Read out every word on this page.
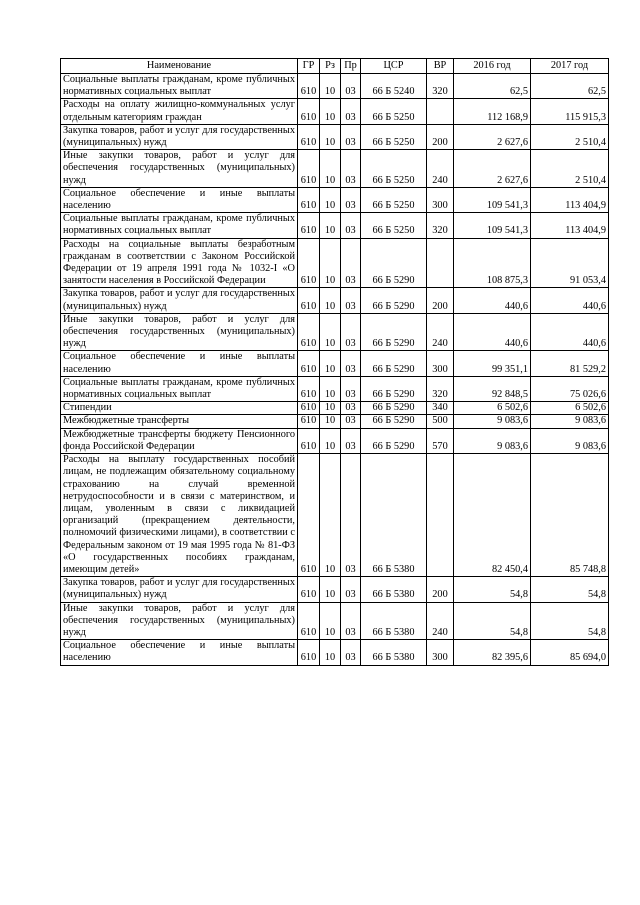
Наименование	ГР	Рз	Пр	ЦСР	ВР	2016 год	2017 год
Социальные выплаты гражданам, кроме публичных нормативных социальных выплат	610	10	03	66 Б 5240	320	62,5	62,5
Расходы на оплату жилищно-коммунальных услуг отдельным категориям граждан	610	10	03	66 Б 5250		112 168,9	115 915,3
Закупка товаров, работ и услуг для государственных (муниципальных) нужд	610	10	03	66 Б 5250	200	2 627,6	2 510,4
Иные закупки товаров, работ и услуг для обеспечения государственных (муниципальных) нужд	610	10	03	66 Б 5250	240	2 627,6	2 510,4
Социальное обеспечение и иные выплаты населению	610	10	03	66 Б 5250	300	109 541,3	113 404,9
Социальные выплаты гражданам, кроме публичных нормативных социальных выплат	610	10	03	66 Б 5250	320	109 541,3	113 404,9
Расходы на социальные выплаты безработным гражданам в соответствии с Законом Российской Федерации от 19 апреля 1991 года № 1032-I «О занятости населения в Российской Федерации	610	10	03	66 Б 5290		108 875,3	91 053,4
Закупка товаров, работ и услуг для государственных (муниципальных) нужд	610	10	03	66 Б 5290	200	440,6	440,6
Иные закупки товаров, работ и услуг для обеспечения государственных (муниципальных) нужд	610	10	03	66 Б 5290	240	440,6	440,6
Социальное обеспечение и иные выплаты населению	610	10	03	66 Б 5290	300	99 351,1	81 529,2
Социальные выплаты гражданам, кроме публичных нормативных социальных выплат	610	10	03	66 Б 5290	320	92 848,5	75 026,6
Стипендии	610	10	03	66 Б 5290	340	6 502,6	6 502,6
Межбюджетные трансферты	610	10	03	66 Б 5290	500	9 083,6	9 083,6
Межбюджетные трансферты бюджету Пенсионного фонда Российской Федерации	610	10	03	66 Б 5290	570	9 083,6	9 083,6
Расходы на выплату государственных пособий лицам, не подлежащим обязательному социальному страхованию на случай временной нетрудоспособности и в связи с материнством, и лицам, уволенным в связи с ликвидацией организаций (прекращением деятельности, полномочий физическими лицами), в соответствии с Федеральным законом от 19 мая 1995 года № 81-ФЗ «О государственных пособиях гражданам, имеющим детей»	610	10	03	66 Б 5380		82 450,4	85 748,8
Закупка товаров, работ и услуг для государственных (муниципальных) нужд	610	10	03	66 Б 5380	200	54,8	54,8
Иные закупки товаров, работ и услуг для обеспечения государственных (муниципальных) нужд	610	10	03	66 Б 5380	240	54,8	54,8
Социальное обеспечение и иные выплаты населению	610	10	03	66 Б 5380	300	82 395,6	85 694,0
